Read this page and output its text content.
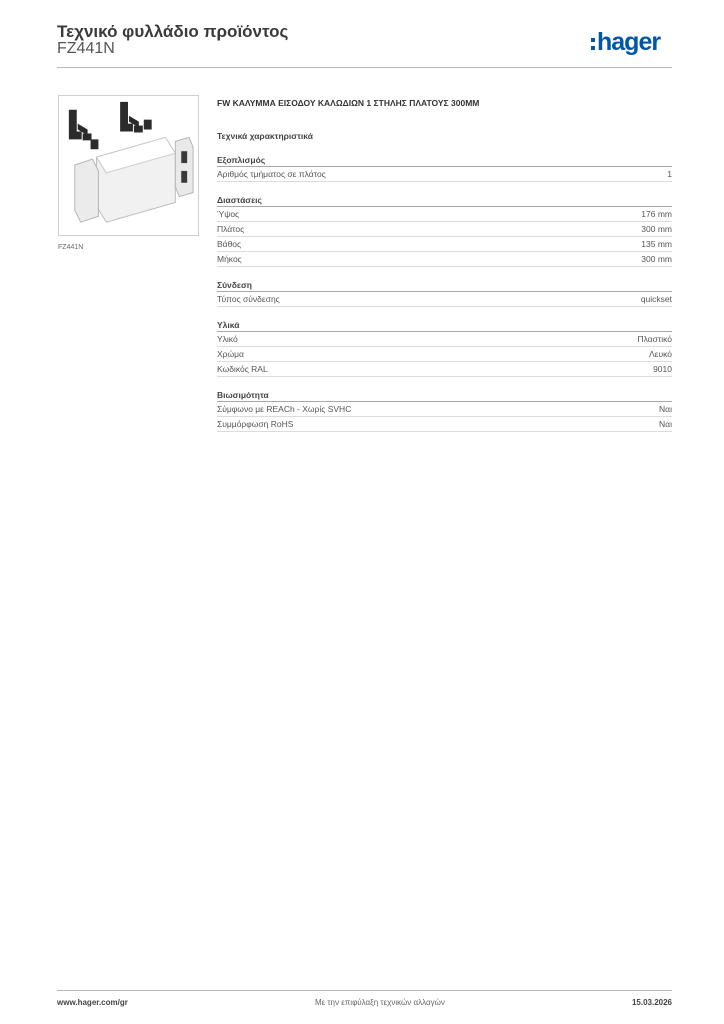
Τεχνικό φυλλάδιο προϊόντος
FZ441N	hager
FZ441N
FW ΚΑΛΥΜΜΑ ΕΙΣΟΔΟΥ ΚΑΛΩΔΙΩΝ 1 ΣΤΗΛΗΣ ΠΛΑΤΟΥΣ 300MM
Τεχνικά χαρακτηριστικά
Εξοπλισμός
Αριθμός τμήματος σε πλάτος	1
Διαστάσεις
Ύψος	176 mm
Πλάτος	300 mm
Βάθος	135 mm
Μήκος	300 mm
Σύνδεση
Τύπος σύνδεσης	quickset
Υλικά
Υλικό	Πλαστικό
Χρώμα	Λευκό
Κωδικός RAL	9010
Βιωσιμότητα
Σύμφωνο με REACh - Χωρίς SVHC	Ναι
Συμμόρφωση RoHS	Ναι
www.hager.com/gr	Με την επιφύλαξη τεχνικών αλλαγών	15.03.2026
